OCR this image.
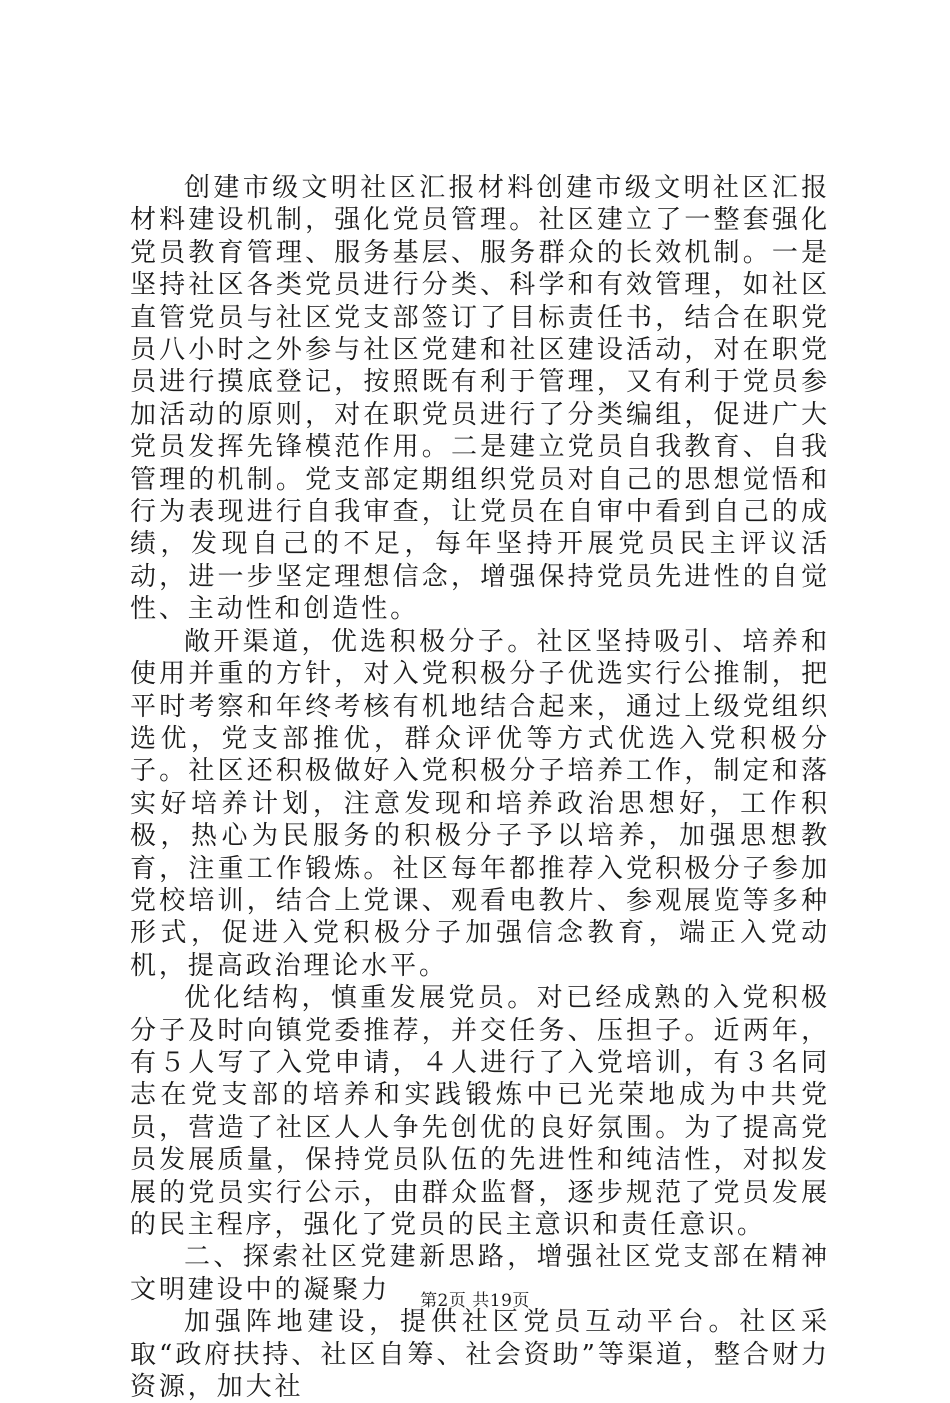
创建市级文明社区汇报材料创建市级文明社区汇报材料建设机制，强化党员管理。社区建立了一整套强化党员教育管理、服务基层、服务群众的长效机制。一是坚持社区各类党员进行分类、科学和有效管理，如社区直管党员与社区党支部签订了目标责任书，结合在职党员八小时之外参与社区党建和社区建设活动，对在职党员进行摸底登记，按照既有利于管理，又有利于党员参加活动的原则，对在职党员进行了分类编组，促进广大党员发挥先锋模范作用。二是建立党员自我教育、自我管理的机制。党支部定期组织党员对自己的思想觉悟和行为表现进行自我审查，让党员在自审中看到自己的成绩，发现自己的不足，每年坚持开展党员民主评议活动，进一步坚定理想信念，增强保持党员先进性的自觉性、主动性和创造性。

敞开渠道，优选积极分子。社区坚持吸引、培养和使用并重的方针，对入党积极分子优选实行公推制，把平时考察和年终考核有机地结合起来，通过上级党组织选优，党支部推优，群众评优等方式优选入党积极分子。社区还积极做好入党积极分子培养工作，制定和落实好培养计划，注意发现和培养政治思想好，工作积极，热心为民服务的积极分子予以培养，加强思想教育，注重工作锻炼。社区每年都推荐入党积极分子参加党校培训，结合上党课、观看电教片、参观展览等多种形式，促进入党积极分子加强信念教育，端正入党动机，提高政治理论水平。

优化结构，慎重发展党员。对已经成熟的入党积极分子及时向镇党委推荐，并交任务、压担子。近两年，有５人写了入党申请，４人进行了入党培训，有３名同志在党支部的培养和实践锻炼中已光荣地成为中共党员，营造了社区人人争先创优的良好氛围。为了提高党员发展质量，保持党员队伍的先进性和纯洁性，对拟发展的党员实行公示，由群众监督，逐步规范了党员发展的民主程序，强化了党员的民主意识和责任意识。

二、探索社区党建新思路，增强社区党支部在精神文明建设中的凝聚力

加强阵地建设，提供社区党员互动平台。社区采取“政府扶持、社区自筹、社会资助”等渠道，整合财力资源，加大社

第2页 共19页
